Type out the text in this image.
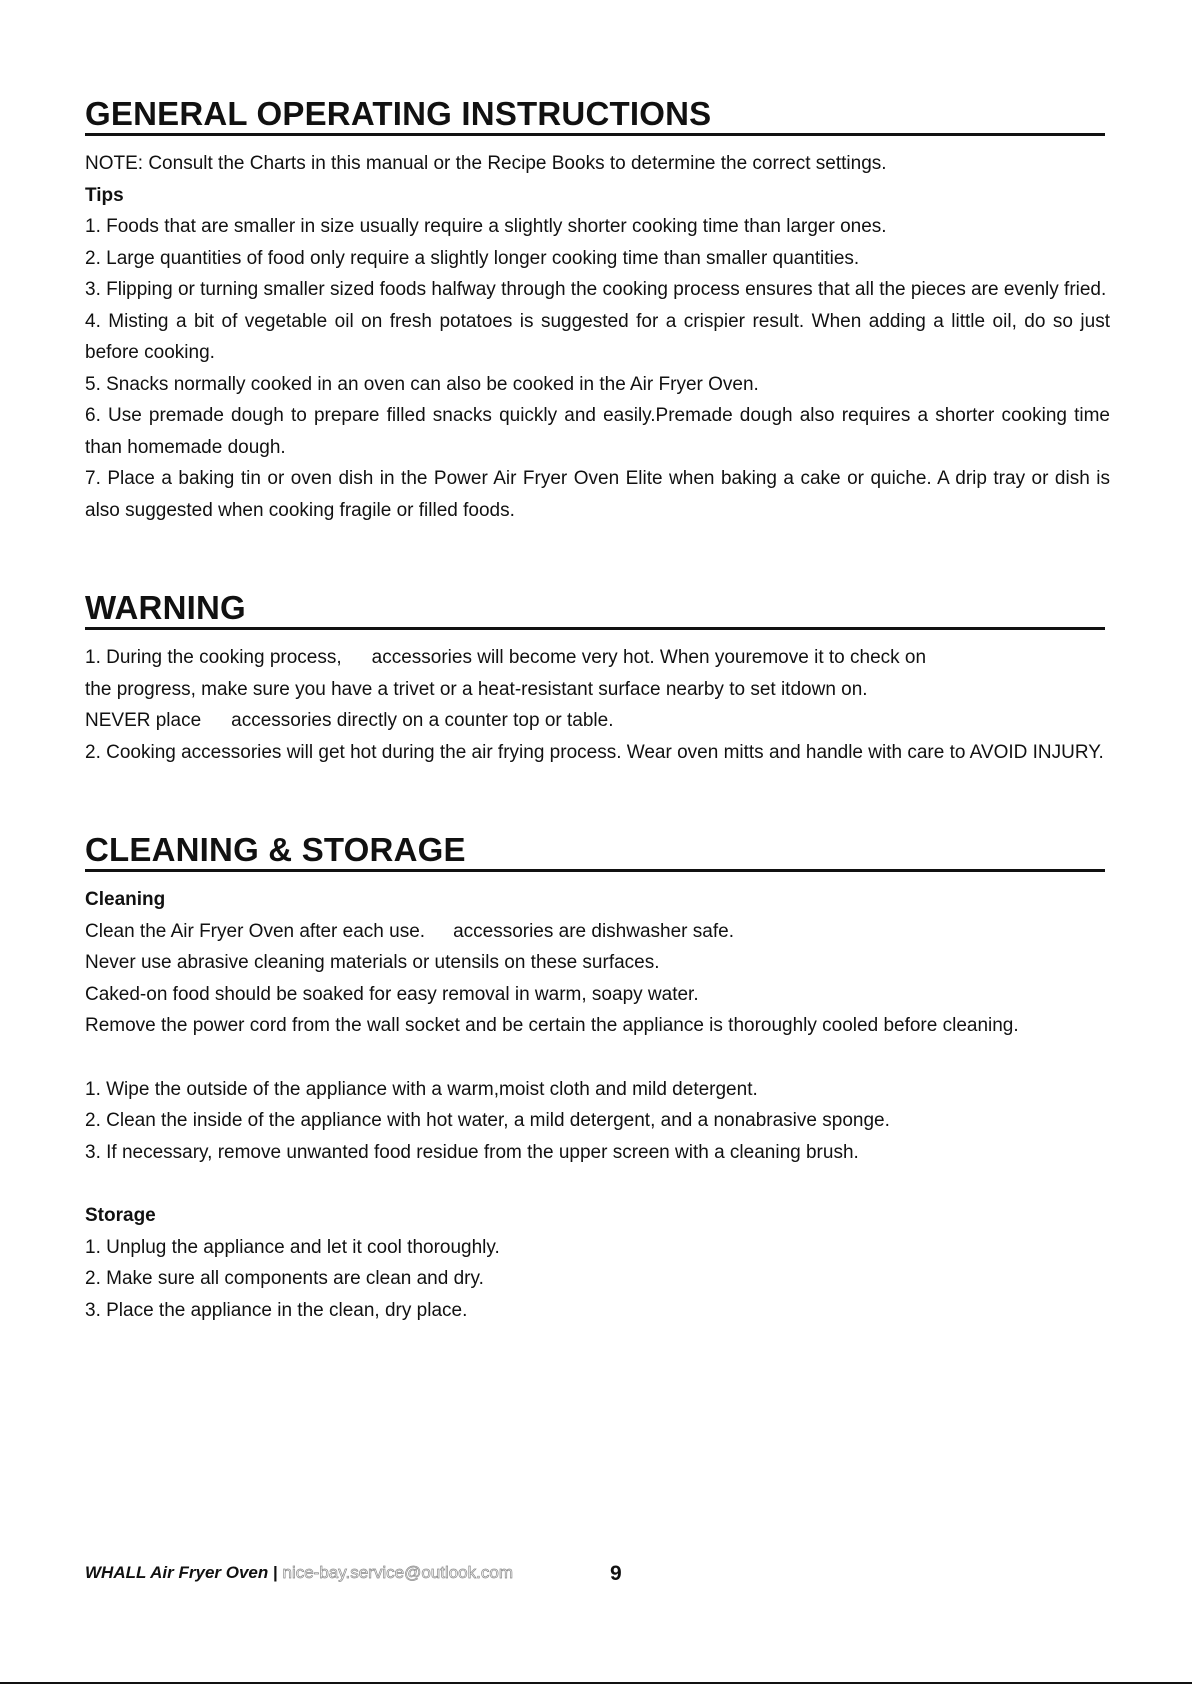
GENERAL OPERATING INSTRUCTIONS

NOTE: Consult the Charts in this manual or the Recipe Books to determine the correct settings.

Tips

1. Foods that are smaller in size usually require a slightly shorter cooking time than larger ones.

2. Large quantities of food only require a slightly longer cooking time than smaller quantities.

3. Flipping or turning smaller sized foods halfway through the cooking process ensures that all the pieces are evenly fried.

4. Misting a bit of vegetable oil on fresh potatoes is suggested for a crispier result. When adding a little oil, do so just before cooking.

5. Snacks normally cooked in an oven can also be cooked in the Air Fryer Oven.

6. Use premade dough to prepare filled snacks quickly and easily.Premade dough also requires a shorter cooking time than homemade dough.

7. Place a baking tin or oven dish in the Power Air Fryer Oven Elite when baking a cake or quiche. A drip tray or dish is also suggested when cooking fragile or filled foods.

WARNING

1. During the cooking process, accessories will become very hot. When youremove it to check on

the progress, make sure you have a trivet or a heat-resistant surface nearby to set itdown on.

NEVER place accessories directly on a counter top or table.

2. Cooking accessories will get hot during the air frying process. Wear oven mitts and handle with care to AVOID INJURY.

CLEANING & STORAGE

Cleaning

Clean the Air Fryer Oven after each use. accessories are dishwasher safe.

Never use abrasive cleaning materials or utensils on these surfaces.

Caked-on food should be soaked for easy removal in warm, soapy water.

Remove the power cord from the wall socket and be certain the appliance is thoroughly cooled before cleaning.

1. Wipe the outside of the appliance with a warm,moist cloth and mild detergent.

2. Clean the inside of the appliance with hot water, a mild detergent, and a nonabrasive sponge.

3. If necessary, remove unwanted food residue from the upper screen with a cleaning brush.

Storage

1. Unplug the appliance and let it cool thoroughly.

2. Make sure all components are clean and dry.

3. Place the appliance in the clean, dry place.

WHALL Air Fryer Oven | nice-bay.service@outlook.com	9
